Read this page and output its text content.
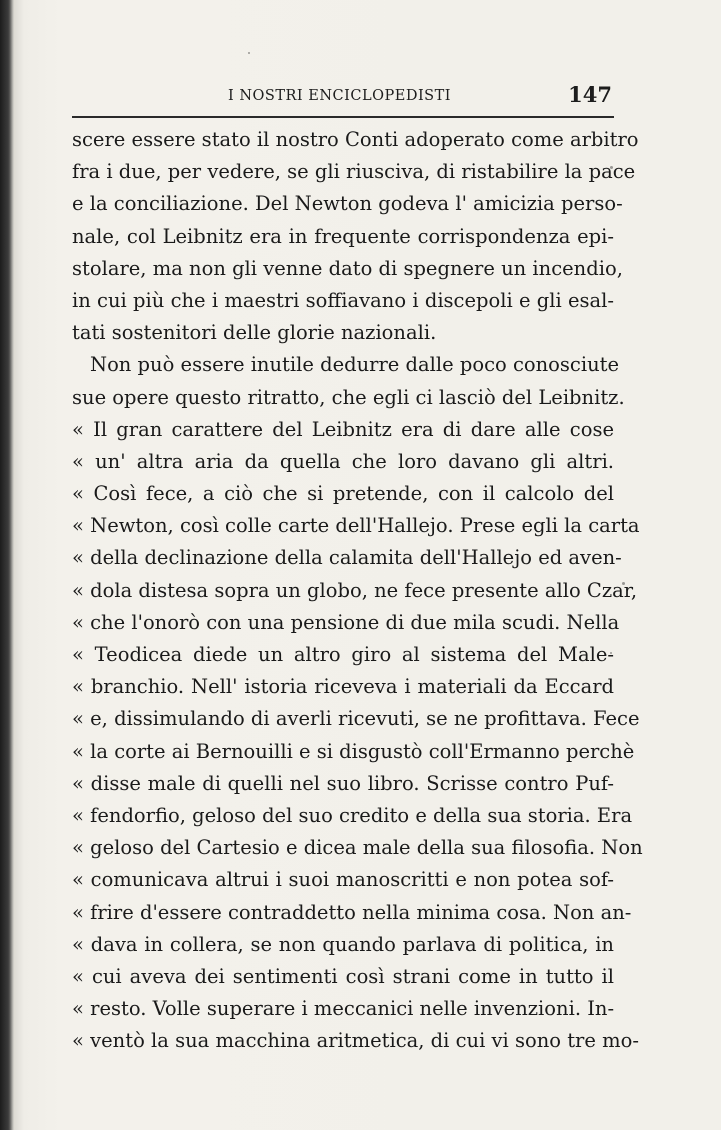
I NOSTRI ENCICLOPEDISTI	147
scere essere stato il nostro Conti adoperato come arbitro
fra i due, per vedere, se gli riusciva, di ristabilire la pace
e la conciliazione. Del Newton godeva l' amicizia perso-
nale, col Leibnitz era in frequente corrispondenza epi-
stolare, ma non gli venne dato di spegnere un incendio,
in cui più che i maestri soffiavano i discepoli e gli esal-
tati sostenitori delle glorie nazionali.
Non può essere inutile dedurre dalle poco conosciute
sue opere questo ritratto, che egli ci lasciò del Leibnitz.
« Il gran carattere del Leibnitz era di dare alle cose
« un' altra aria da quella che loro davano gli altri.
« Così fece, a ciò che si pretende, con il calcolo del
« Newton, così colle carte dell'Hallejo. Prese egli la carta
« della declinazione della calamita dell'Hallejo ed aven-
« dola distesa sopra un globo, ne fece presente allo Czar,
« che l'onorò con una pensione di due mila scudi. Nella
« Teodicea diede un altro giro al sistema del Male-
« branchio. Nell' istoria riceveva i materiali da Eccard
« e, dissimulando di averli ricevuti, se ne profittava. Fece
« la corte ai Bernouilli e si disgustò coll'Ermanno perchè
« disse male di quelli nel suo libro. Scrisse contro Puf-
« fendorfio, geloso del suo credito e della sua storia. Era
« geloso del Cartesio e dicea male della sua filosofia. Non
« comunicava altrui i suoi manoscritti e non potea sof-
« frire d'essere contraddetto nella minima cosa. Non an-
« dava in collera, se non quando parlava di politica, in
« cui aveva dei sentimenti così strani come in tutto il
« resto. Volle superare i meccanici nelle invenzioni. In-
« ventò la sua macchina aritmetica, di cui vi sono tre mo-
